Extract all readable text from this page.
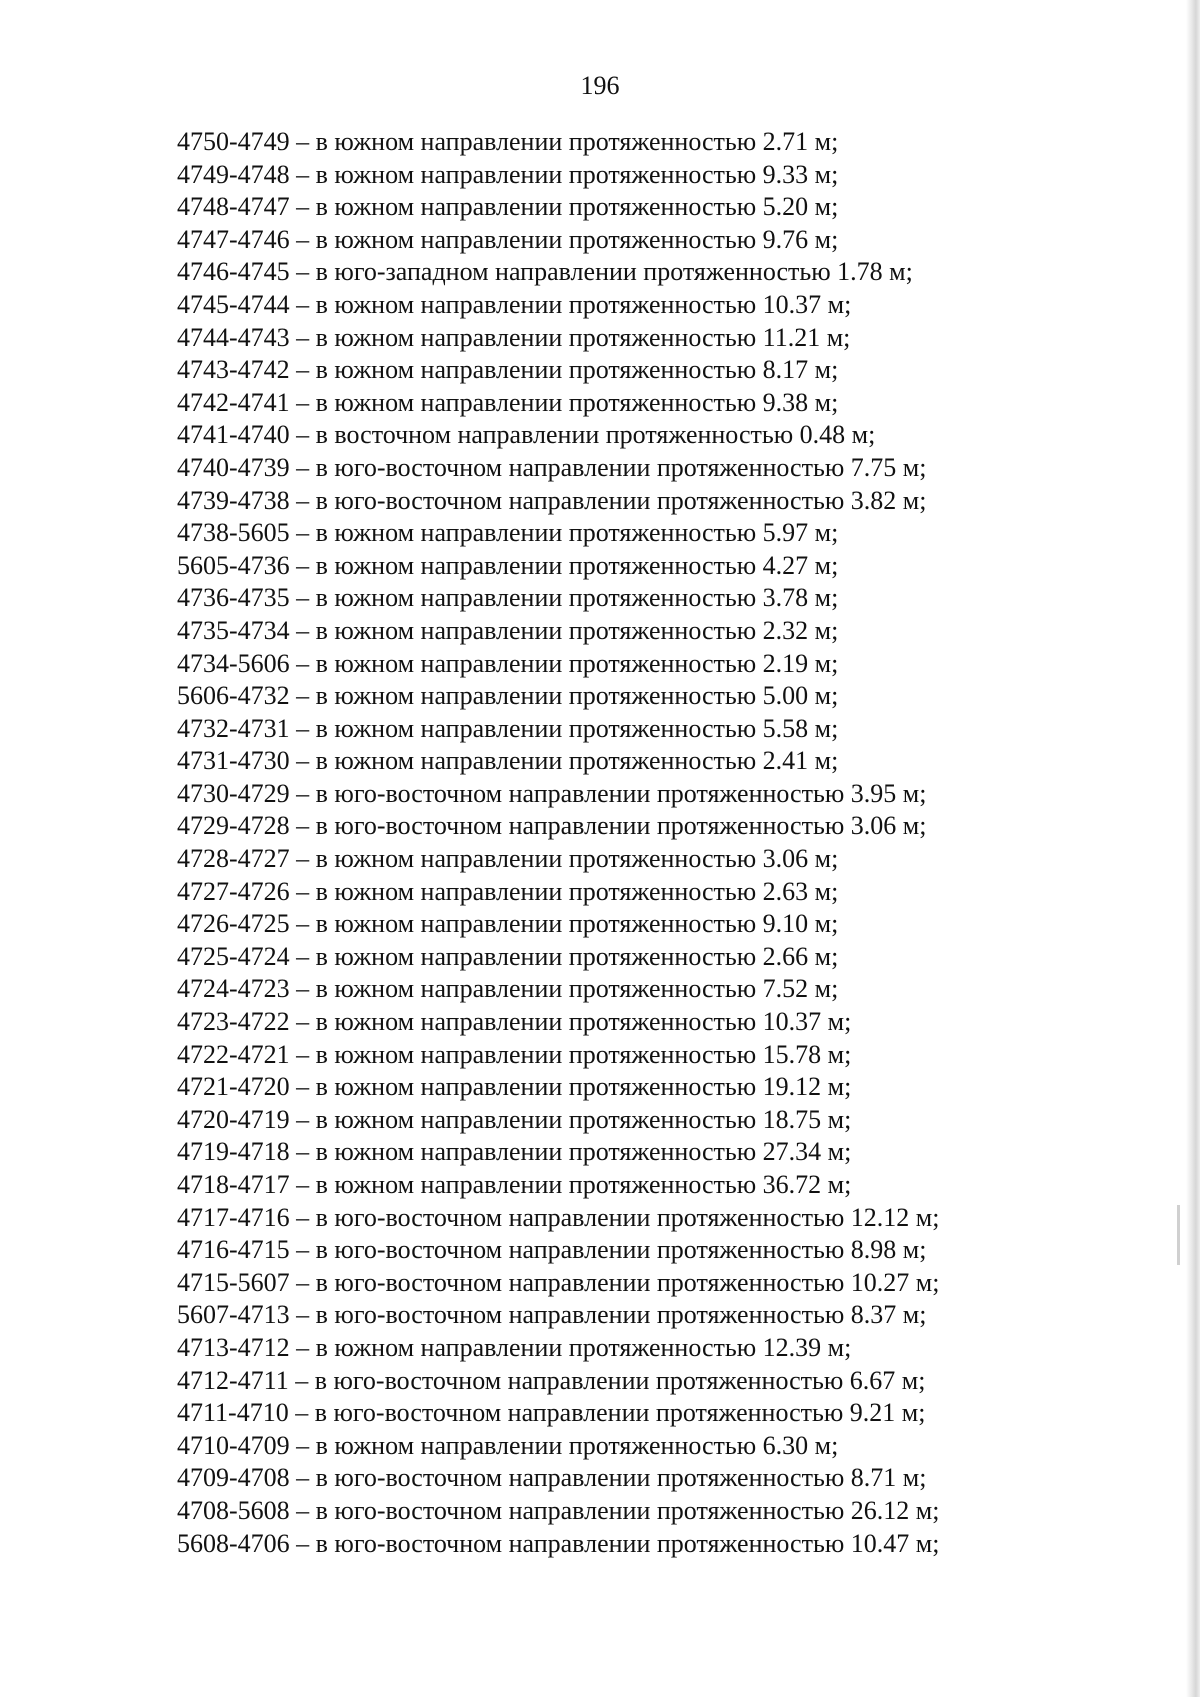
196
4750-4749 – в южном направлении протяженностью 2.71 м;
4749-4748 – в южном направлении протяженностью 9.33 м;
4748-4747 – в южном направлении протяженностью 5.20 м;
4747-4746 – в южном направлении протяженностью 9.76 м;
4746-4745 – в юго-западном направлении протяженностью 1.78 м;
4745-4744 – в южном направлении протяженностью 10.37 м;
4744-4743 – в южном направлении протяженностью 11.21 м;
4743-4742 – в южном направлении протяженностью 8.17 м;
4742-4741 – в южном направлении протяженностью 9.38 м;
4741-4740 – в восточном направлении протяженностью 0.48 м;
4740-4739 – в юго-восточном направлении протяженностью 7.75 м;
4739-4738 – в юго-восточном направлении протяженностью 3.82 м;
4738-5605 – в южном направлении протяженностью 5.97 м;
5605-4736 – в южном направлении протяженностью 4.27 м;
4736-4735 – в южном направлении протяженностью 3.78 м;
4735-4734 – в южном направлении протяженностью 2.32 м;
4734-5606 – в южном направлении протяженностью 2.19 м;
5606-4732 – в южном направлении протяженностью 5.00 м;
4732-4731 – в южном направлении протяженностью 5.58 м;
4731-4730 – в южном направлении протяженностью 2.41 м;
4730-4729 – в юго-восточном направлении протяженностью 3.95 м;
4729-4728 – в юго-восточном направлении протяженностью 3.06 м;
4728-4727 – в южном направлении протяженностью 3.06 м;
4727-4726 – в южном направлении протяженностью 2.63 м;
4726-4725 – в южном направлении протяженностью 9.10 м;
4725-4724 – в южном направлении протяженностью 2.66 м;
4724-4723 – в южном направлении протяженностью 7.52 м;
4723-4722 – в южном направлении протяженностью 10.37 м;
4722-4721 – в южном направлении протяженностью 15.78 м;
4721-4720 – в южном направлении протяженностью 19.12 м;
4720-4719 – в южном направлении протяженностью 18.75 м;
4719-4718 – в южном направлении протяженностью 27.34 м;
4718-4717 – в южном направлении протяженностью 36.72 м;
4717-4716 – в юго-восточном направлении протяженностью 12.12 м;
4716-4715 – в юго-восточном направлении протяженностью 8.98 м;
4715-5607 – в юго-восточном направлении протяженностью 10.27 м;
5607-4713 – в юго-восточном направлении протяженностью 8.37 м;
4713-4712 – в южном направлении протяженностью 12.39 м;
4712-4711 – в юго-восточном направлении протяженностью 6.67 м;
4711-4710 – в юго-восточном направлении протяженностью 9.21 м;
4710-4709 – в южном направлении протяженностью 6.30 м;
4709-4708 – в юго-восточном направлении протяженностью 8.71 м;
4708-5608 – в юго-восточном направлении протяженностью 26.12 м;
5608-4706 – в юго-восточном направлении протяженностью 10.47 м;
